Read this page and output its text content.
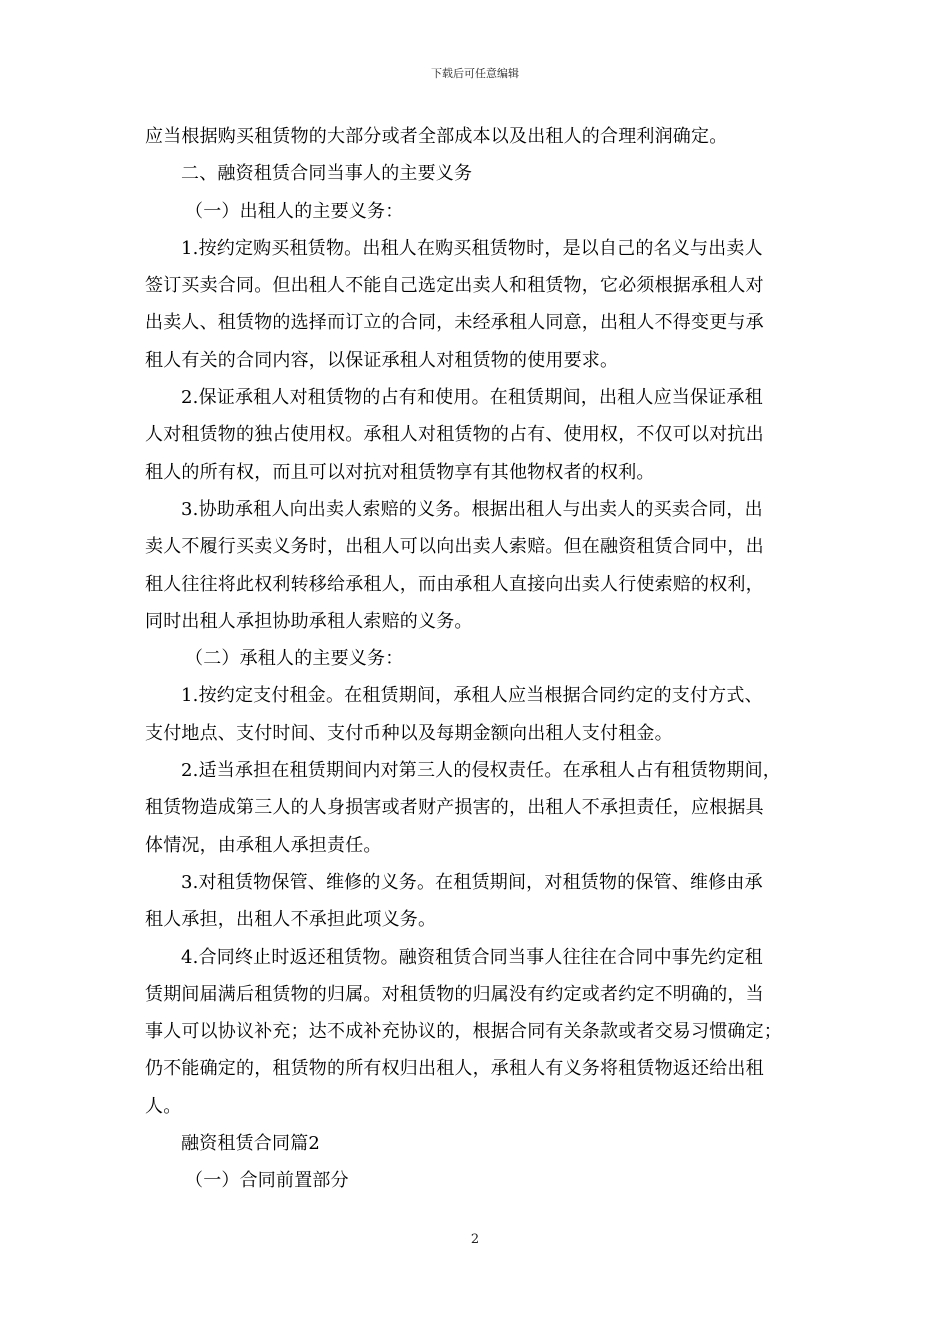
下载后可任意编辑
应当根据购买租赁物的大部分或者全部成本以及出租人的合理利润确定。
二、融资租赁合同当事人的主要义务
（一）出租人的主要义务：
1.按约定购买租赁物。出租人在购买租赁物时，是以自己的名义与出卖人
签订买卖合同。但出租人不能自己选定出卖人和租赁物，它必须根据承租人对
出卖人、租赁物的选择而订立的合同，未经承租人同意，出租人不得变更与承
租人有关的合同内容，以保证承租人对租赁物的使用要求。
2.保证承租人对租赁物的占有和使用。在租赁期间，出租人应当保证承租
人对租赁物的独占使用权。承租人对租赁物的占有、使用权，不仅可以对抗出
租人的所有权，而且可以对抗对租赁物享有其他物权者的权利。
3.协助承租人向出卖人索赔的义务。根据出租人与出卖人的买卖合同，出
卖人不履行买卖义务时，出租人可以向出卖人索赔。但在融资租赁合同中，出
租人往往将此权利转移给承租人，而由承租人直接向出卖人行使索赔的权利，
同时出租人承担协助承租人索赔的义务。
（二）承租人的主要义务：
1.按约定支付租金。在租赁期间，承租人应当根据合同约定的支付方式、
支付地点、支付时间、支付币种以及每期金额向出租人支付租金。
2.适当承担在租赁期间内对第三人的侵权责任。在承租人占有租赁物期间，
租赁物造成第三人的人身损害或者财产损害的，出租人不承担责任，应根据具
体情况，由承租人承担责任。
3.对租赁物保管、维修的义务。在租赁期间，对租赁物的保管、维修由承
租人承担，出租人不承担此项义务。
4.合同终止时返还租赁物。融资租赁合同当事人往往在合同中事先约定租
赁期间届满后租赁物的归属。对租赁物的归属没有约定或者约定不明确的，当
事人可以协议补充；达不成补充协议的，根据合同有关条款或者交易习惯确定；
仍不能确定的，租赁物的所有权归出租人，承租人有义务将租赁物返还给出租
人。
融资租赁合同篇2
（一）合同前置部分
2
